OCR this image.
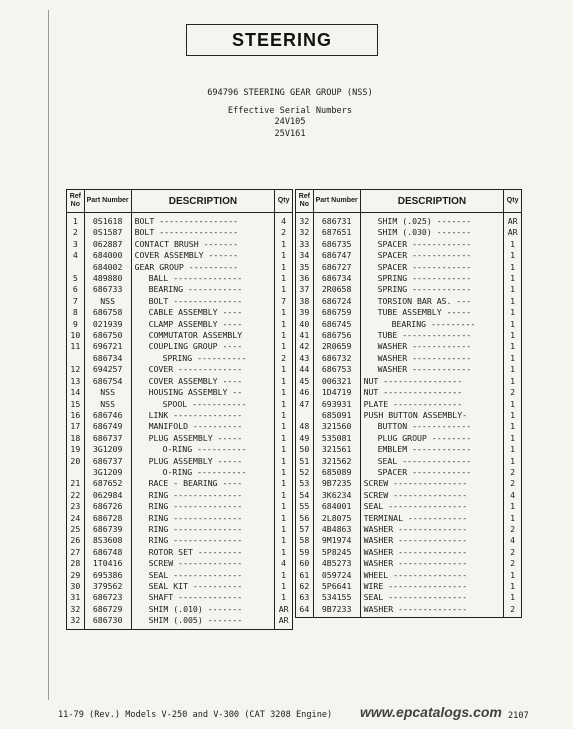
STEERING
694796 STEERING GEAR GROUP (NSS)
Effective Serial Numbers
24V105
25V161
Ref No	Part Number	DESCRIPTION	Qty
1	0S1618	BOLT ----------------	4
2	0S1587	BOLT ----------------	2
3	062887	CONTACT BRUSH -------	1
4	684000	COVER ASSEMBLY ------	1
	684002	GEAR GROUP ----------	1
5	489880	BALL --------------	1
6	686733	BEARING -----------	1
7	NSS	BOLT --------------	7
8	686758	CABLE ASSEMBLY ----	1
9	021939	CLAMP ASSEMBLY ----	1
10	686750	COMMUTATOR ASSEMBLY	1
11	696721	COUPLING GROUP ----	1
	686734	SPRING ----------	2
12	694257	COVER -------------	1
13	686754	COVER ASSEMBLY ----	1
14	NSS	HOUSING ASSEMBLY --	1
15	NSS	SPOOL -----------	1
16	686746	LINK --------------	1
17	686749	MANIFOLD ----------	1
18	686737	PLUG ASSEMBLY -----	1
19	3G1209	O-RING ----------	1
20	686737	PLUG ASSEMBLY -----	1
	3G1209	O-RING ----------	1
21	687652	RACE - BEARING ----	1
22	062984	RING --------------	1
23	686726	RING --------------	1
24	686728	RING --------------	1
25	686739	RING --------------	1
26	8S3608	RING --------------	1
27	686748	ROTOR SET ---------	1
28	1T0416	SCREW -------------	4
29	695386	SEAL --------------	1
30	379562	SEAL KIT ----------	1
31	686723	SHAFT -------------	1
32	686729	SHIM (.010) -------	AR
32	686730	SHIM (.005) -------	AR
Ref No	Part Number	DESCRIPTION	Qty
32	686731	SHIM (.025) -------	AR
32	687651	SHIM (.030) -------	AR
33	686735	SPACER ------------	1
34	686747	SPACER ------------	1
35	686727	SPACER ------------	1
36	686734	SPRING ------------	1
37	2R0658	SPRING ------------	1
38	686724	TORSION BAR AS. ---	1
39	686759	TUBE ASSEMBLY -----	1
40	686745	BEARING ---------	1
41	686756	TUBE --------------	1
42	2R0659	WASHER ------------	1
43	686732	WASHER ------------	1
44	686753	WASHER ------------	1
45	006321	NUT ----------------	1
46	1D4719	NUT ----------------	2
47	693931	PLATE --------------	1
	685091	PUSH BUTTON ASSEMBLY-	1
48	321560	BUTTON ------------	1
49	535081	PLUG GROUP --------	1
50	321561	EMBLEM ------------	1
51	321562	SEAL --------------	1
52	685089	SPACER ------------	2
53	9B7235	SCREW ---------------	2
54	3K6234	SCREW ---------------	4
55	684001	SEAL ----------------	1
56	2L8075	TERMINAL ------------	1
57	4B4863	WASHER --------------	2
58	9M1974	WASHER --------------	4
59	5P8245	WASHER --------------	2
60	4B5273	WASHER --------------	2
61	059724	WHEEL ---------------	1
62	5P6641	WIRE ----------------	1
63	534155	SEAL ----------------	1
64	9B7233	WASHER --------------	2
11-79 (Rev.) Models V-250 and V-300 (CAT 3208 Engine) www.epcatalogs.com 2107
